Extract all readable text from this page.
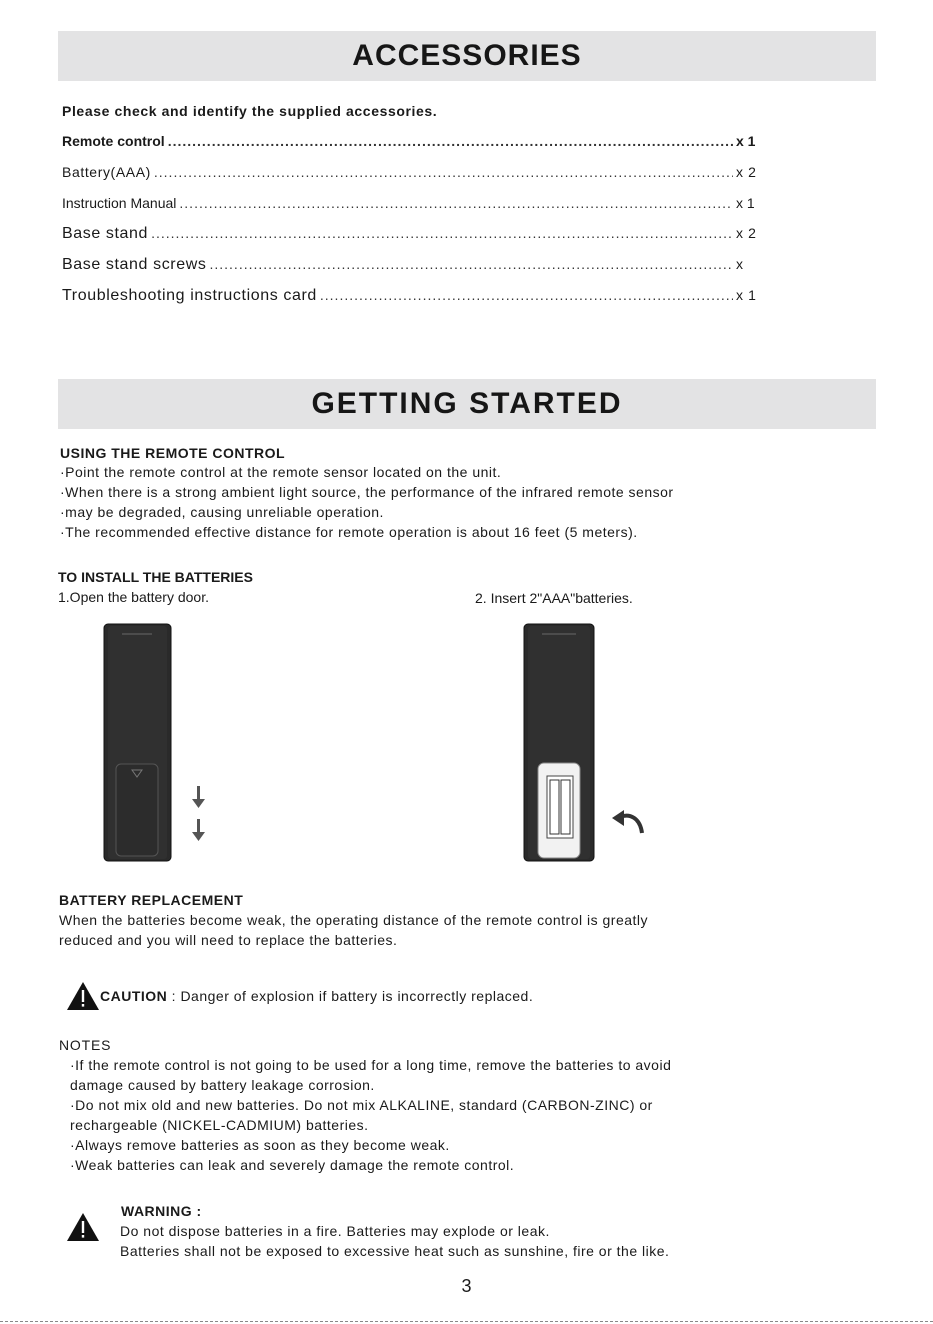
ACCESSORIES
Please check and identify the supplied accessories.
Remote control .....	x 1
Battery(AAA) .....	x 2
Instruction Manual .....	x 1
Base stand .....	x 2
Base stand screws .....	x
Troubleshooting instructions card .....	x 1
GETTING STARTED
USING THE REMOTE CONTROL
·Point the remote control at the remote sensor located on the unit.
·When there is a strong ambient light source, the performance of the infrared remote sensor
·may be degraded, causing unreliable operation.
·The recommended effective distance for remote operation is about 16 feet (5 meters).
TO INSTALL THE BATTERIES
1.Open the battery door.	2. Insert 2"AAA"batteries.
BATTERY REPLACEMENT
When the batteries become weak, the operating distance of the remote control is greatly
reduced and you will need to replace the batteries.
CAUTION : Danger of explosion if battery is incorrectly replaced.
NOTES
·If the remote control is not going to be used for a long time, remove the batteries to avoid
damage caused by battery leakage corrosion.
·Do not mix old and new batteries. Do not mix ALKALINE, standard (CARBON-ZINC) or
rechargeable (NICKEL-CADMIUM) batteries.
·Always remove batteries as soon as they become weak.
·Weak batteries can leak and severely damage the remote control.
WARNING :
Do not dispose batteries in a fire. Batteries may explode or leak.
Batteries shall not be exposed to excessive heat such as sunshine, fire or the like.
3
